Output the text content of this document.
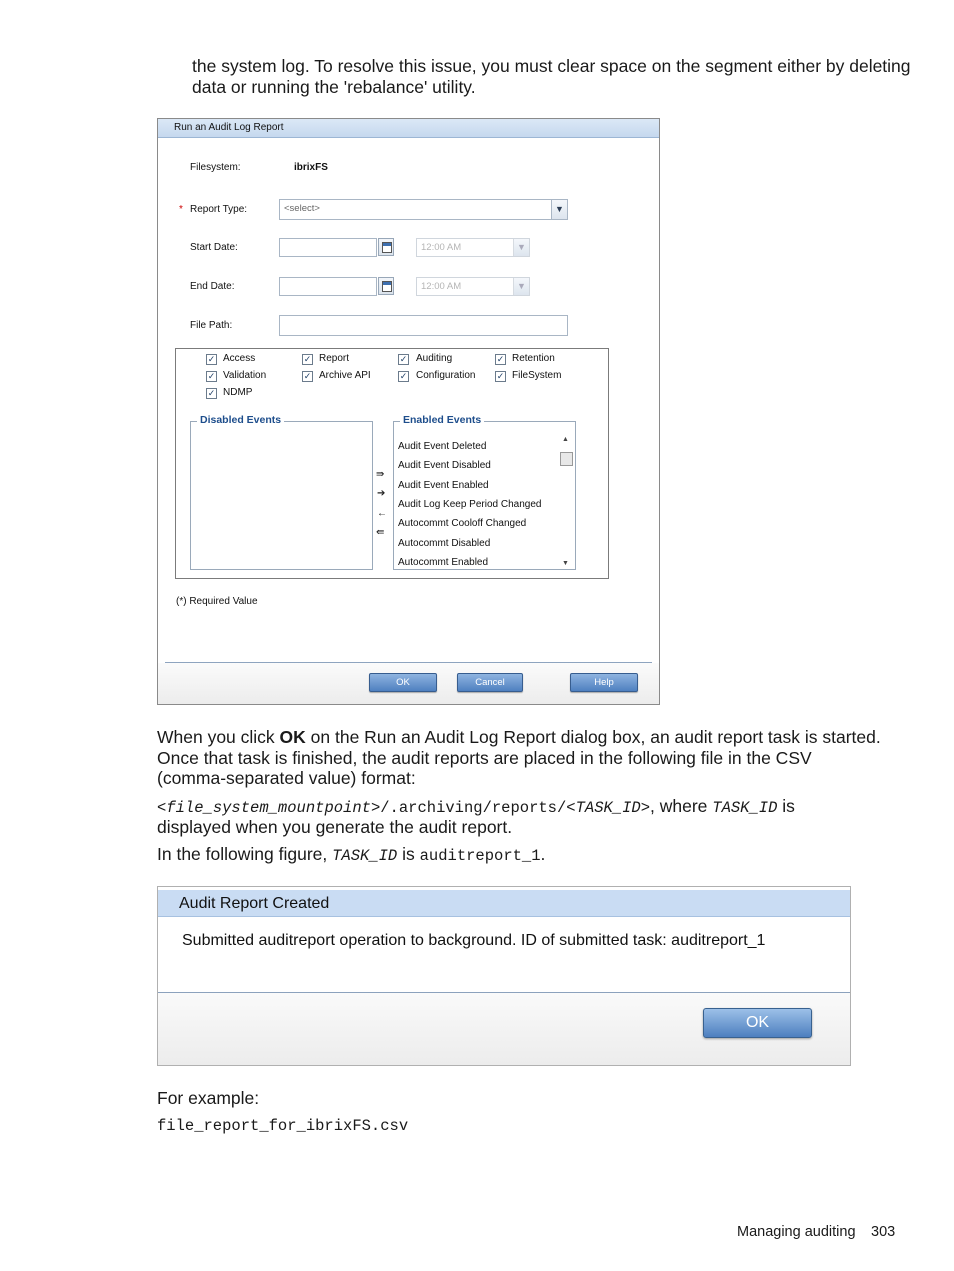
the system log. To resolve this issue, you must clear space on the segment either by deleting
data or running the 'rebalance' utility.
Run an Audit Log Report
Filesystem:	ibrixFS
* Report Type:	<select>	▼
Start Date:	12:00 AM	▼
End Date:	12:00 AM	▼
File Path:
✓ Access	✓ Report	✓ Auditing	✓ Retention
✓ Validation	✓ Archive API	✓ Configuration ✓ FileSystem
✓ NDMP
Disabled Events
⇛
➔
←
⇚
Enabled Events
Audit Event Deleted
Audit Event Disabled
Audit Event Enabled
Audit Log Keep Period Changed
Autocommt Cooloff Changed
Autocommt Disabled
Autocommt Enabled
▲
▼
(*) Required Value
OK	Cancel	Help
When you click OK on the Run an Audit Log Report dialog box, an audit report task is started.
Once that task is finished, the audit reports are placed in the following file in the CSV
(comma-separated value) format:
<file_system_mountpoint>/.archiving/reports/<TASK_ID>, where TASK_ID is
displayed when you generate the audit report.
In the following figure, TASK_ID is auditreport_1.
Audit Report Created
Submitted auditreport operation to background. ID of submitted task: auditreport_1
OK
For example:
file_report_for_ibrixFS.csv
Managing auditing 303
